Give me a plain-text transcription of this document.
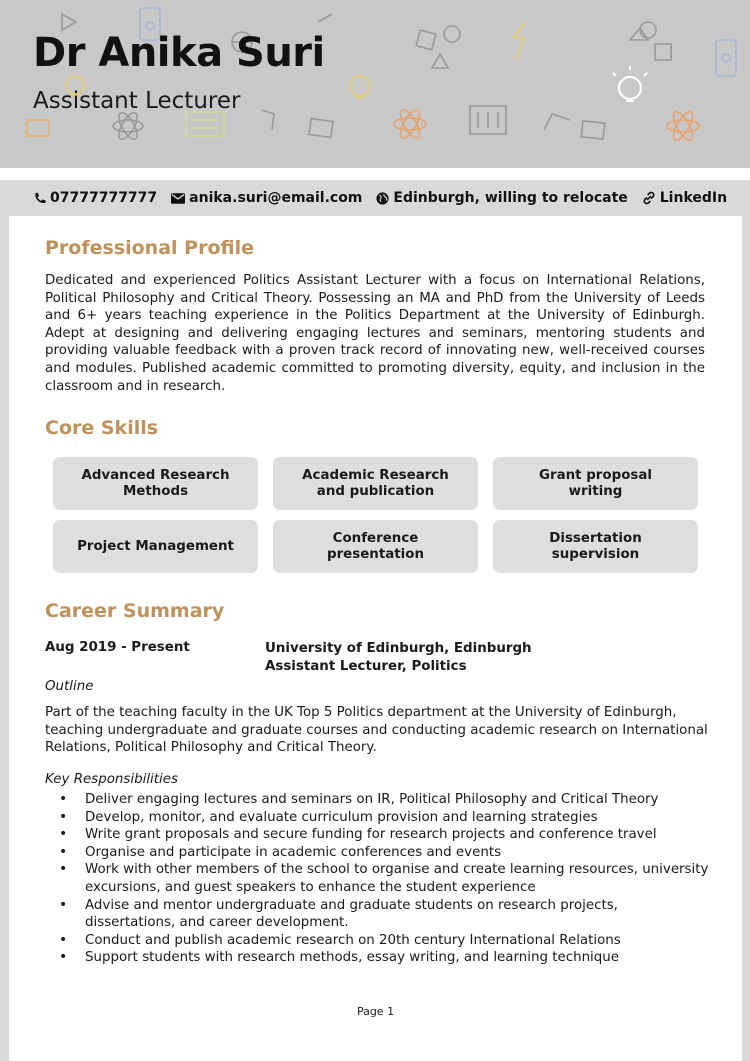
Dr Anika Suri
Assistant Lecturer
07777777777 anika.suri@email.com Edinburgh, willing to relocate LinkedIn
Professional Profile
Dedicated and experienced Politics Assistant Lecturer with a focus on International Relations, Political Philosophy and Critical Theory. Possessing an MA and PhD from the University of Leeds and 6+ years teaching experience in the Politics Department at the University of Edinburgh. Adept at designing and delivering engaging lectures and seminars, mentoring students and providing valuable feedback with a proven track record of innovating new, well-received courses and modules. Published academic committed to promoting diversity, equity, and inclusion in the classroom and in research.
Core Skills
Advanced Research Methods
Academic Research and publication
Grant proposal writing
Project Management
Conference presentation
Dissertation supervision
Career Summary
Aug 2019 - Present	University of Edinburgh, Edinburgh
Assistant Lecturer, Politics
Outline
Part of the teaching faculty in the UK Top 5 Politics department at the University of Edinburgh, teaching undergraduate and graduate courses and conducting academic research on International Relations, Political Philosophy and Critical Theory.
Key Responsibilities
• Deliver engaging lectures and seminars on IR, Political Philosophy and Critical Theory
• Develop, monitor, and evaluate curriculum provision and learning strategies
• Write grant proposals and secure funding for research projects and conference travel
• Organise and participate in academic conferences and events
• Work with other members of the school to organise and create learning resources, university excursions, and guest speakers to enhance the student experience
• Advise and mentor undergraduate and graduate students on research projects, dissertations, and career development.
• Conduct and publish academic research on 20th century International Relations
• Support students with research methods, essay writing, and learning technique
Page 1
